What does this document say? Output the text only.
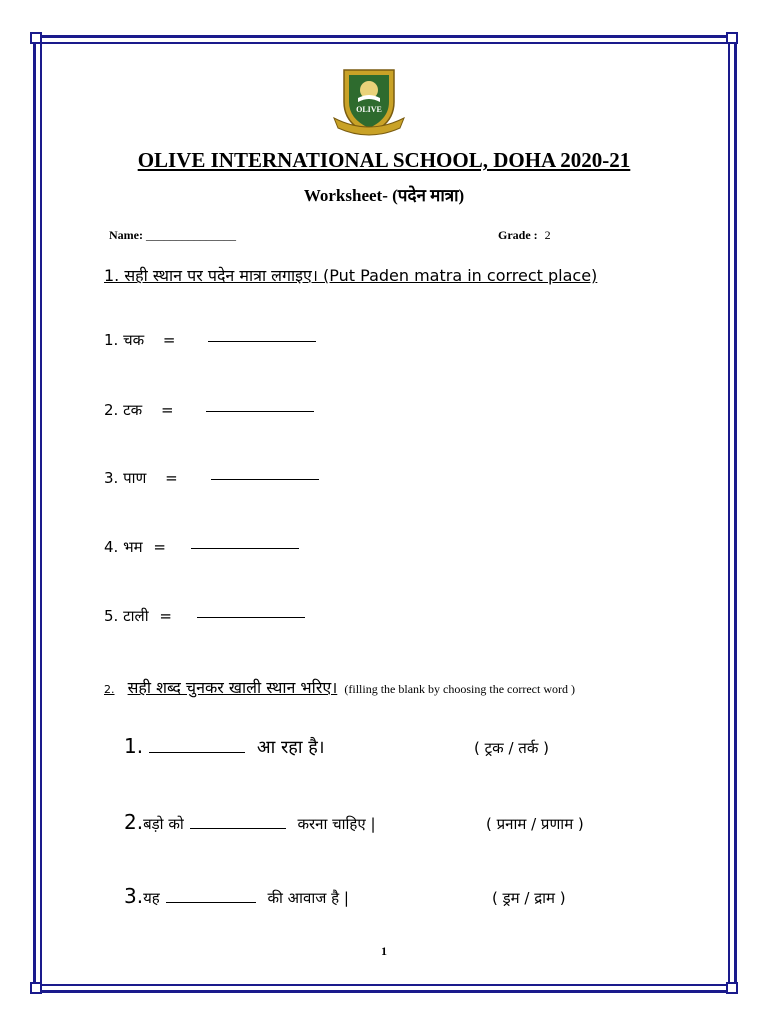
OLIVE
OLIVE INTERNATIONAL SCHOOL, DOHA 2020-21
Worksheet- (पदेन मात्रा)
Name: _______________	Grade : 2
1. सही स्थान पर पदेन मात्रा लगाइए। (Put Paden matra in correct place)
1. चक =
2. टक =
3. पाण =
4. भम =
5. टाली =
2. सही शब्द चुनकर खाली स्थान भरिए। (filling the blank by choosing the correct word )
1.	आ रहा है।	( ट्रक / तर्क )
2.बड़ो को	करना चाहिए |	( प्रनाम / प्रणाम )
3.यह	की आवाज है |	( ड्रम / द्राम )
1
